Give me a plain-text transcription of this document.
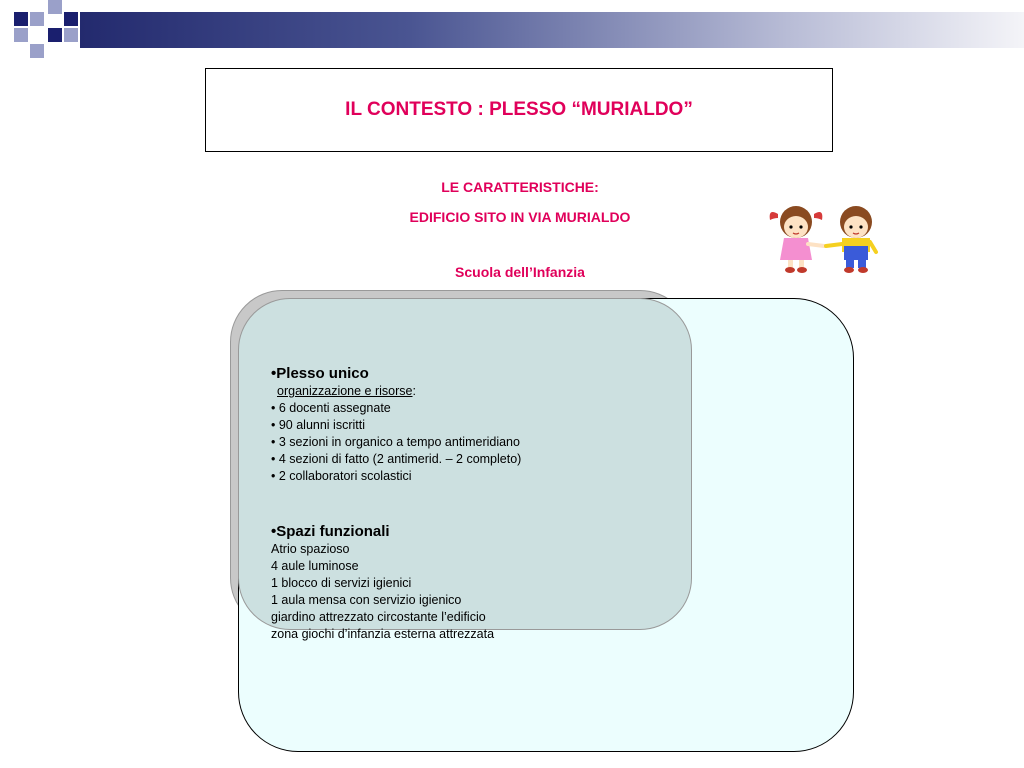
IL CONTESTO : PLESSO “MURIALDO”
LE CARATTERISTICHE:
EDIFICIO SITO IN VIA MURIALDO
Scuola dell’Infanzia
•Plesso unico
organizzazione e risorse:
• 6 docenti assegnate
• 90 alunni iscritti
• 3 sezioni in organico a tempo antimeridiano
• 4 sezioni di fatto (2 antimerid. – 2 completo)
• 2 collaboratori scolastici
•Spazi funzionali
Atrio spazioso
4 aule luminose
1 blocco di servizi igienici
1 aula mensa con servizio igienico
giardino attrezzato circostante l’edificio
zona giochi d’infanzia esterna attrezzata
